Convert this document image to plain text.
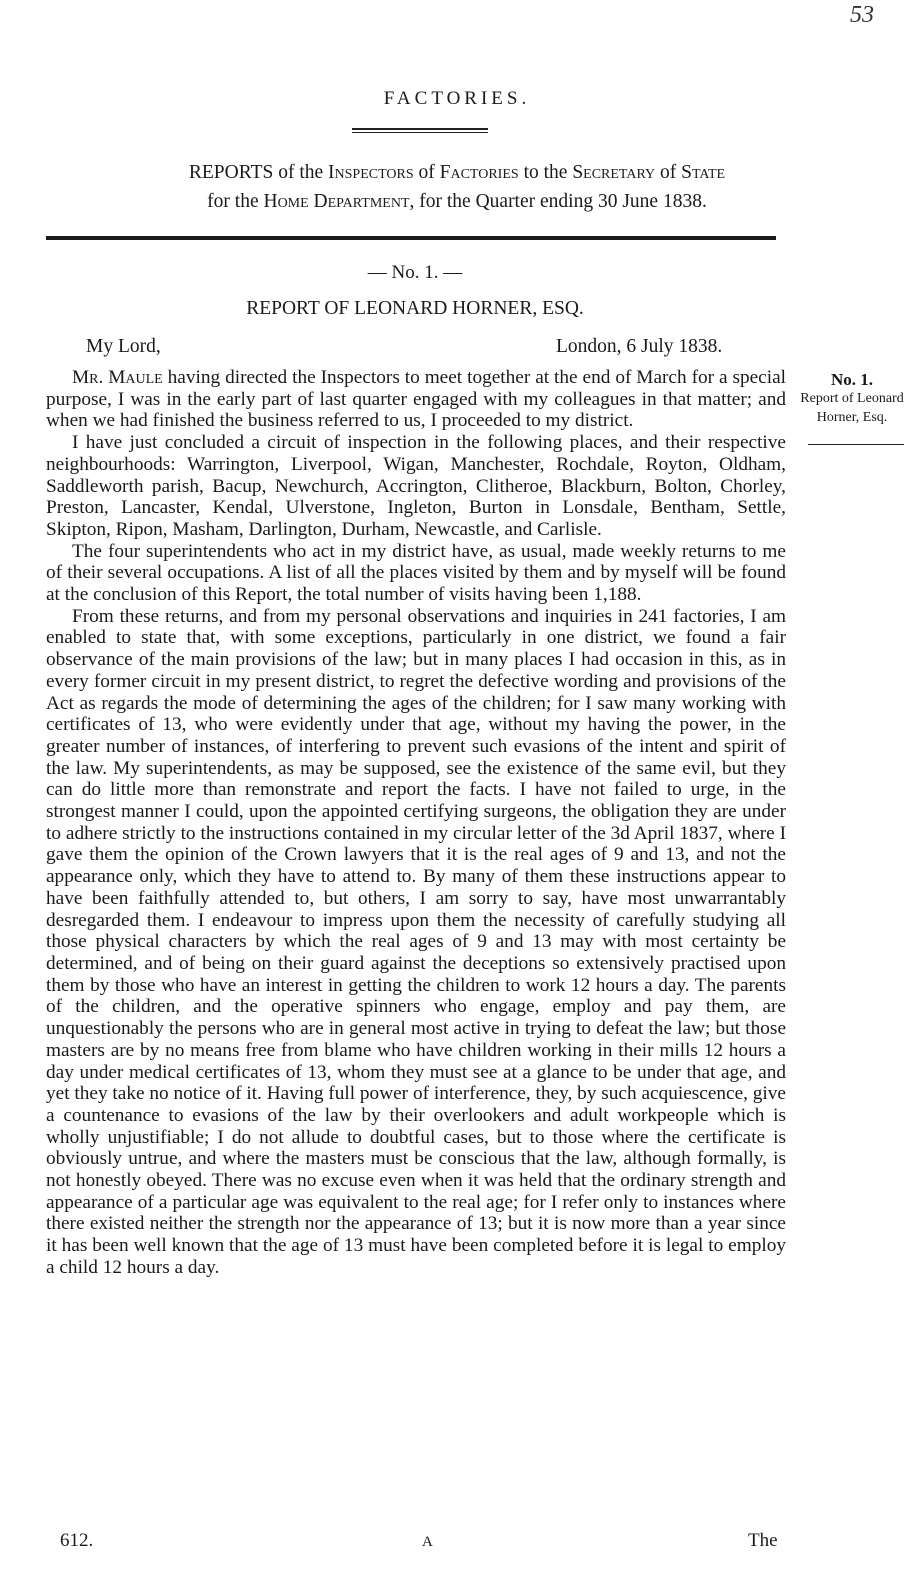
53
FACTORIES.
REPORTS of the Inspectors of Factories to the Secretary of State
for the Home Department, for the Quarter ending 30 June 1838.
— No. 1. —
REPORT OF LEONARD HORNER, ESQ.
My Lord,	London, 6 July 1838.
No. 1.
Report of Leonard
Horner, Esq.

Mr. Maule having directed the Inspectors to meet together at the end of March for a special purpose, I was in the early part of last quarter engaged with my colleagues in that matter; and when we had finished the business referred to us, I proceeded to my district.

I have just concluded a circuit of inspection in the following places, and their respective neighbourhoods: Warrington, Liverpool, Wigan, Manchester, Rochdale, Royton, Oldham, Saddleworth parish, Bacup, Newchurch, Accrington, Clitheroe, Blackburn, Bolton, Chorley, Preston, Lancaster, Kendal, Ulverstone, Ingleton, Burton in Lonsdale, Bentham, Settle, Skipton, Ripon, Masham, Darlington, Durham, Newcastle, and Carlisle.

The four superintendents who act in my district have, as usual, made weekly returns to me of their several occupations. A list of all the places visited by them and by myself will be found at the conclusion of this Report, the total number of visits having been 1,188.

From these returns, and from my personal observations and inquiries in 241 factories, I am enabled to state that, with some exceptions, particularly in one district, we found a fair observance of the main provisions of the law; but in many places I had occasion in this, as in every former circuit in my present district, to regret the defective wording and provisions of the Act as regards the mode of determining the ages of the children; for I saw many working with certificates of 13, who were evidently under that age, without my having the power, in the greater number of instances, of interfering to prevent such evasions of the intent and spirit of the law. My superintendents, as may be supposed, see the existence of the same evil, but they can do little more than remonstrate and report the facts. I have not failed to urge, in the strongest manner I could, upon the appointed certifying surgeons, the obligation they are under to adhere strictly to the instructions contained in my circular letter of the 3d April 1837, where I gave them the opinion of the Crown lawyers that it is the real ages of 9 and 13, and not the appearance only, which they have to attend to. By many of them these instructions appear to have been faithfully attended to, but others, I am sorry to say, have most unwarrantably desregarded them. I endeavour to impress upon them the necessity of carefully studying all those physical characters by which the real ages of 9 and 13 may with most certainty be determined, and of being on their guard against the deceptions so extensively practised upon them by those who have an interest in getting the children to work 12 hours a day. The parents of the children, and the operative spinners who engage, employ and pay them, are unquestionably the persons who are in general most active in trying to defeat the law; but those masters are by no means free from blame who have children working in their mills 12 hours a day under medical certificates of 13, whom they must see at a glance to be under that age, and yet they take no notice of it. Having full power of interference, they, by such acquiescence, give a countenance to evasions of the law by their overlookers and adult workpeople which is wholly unjustifiable; I do not allude to doubtful cases, but to those where the certificate is obviously untrue, and where the masters must be conscious that the law, although formally, is not honestly obeyed. There was no excuse even when it was held that the ordinary strength and appearance of a particular age was equivalent to the real age; for I refer only to instances where there existed neither the strength nor the appearance of 13; but it is now more than a year since it has been well known that the age of 13 must have been completed before it is legal to employ a child 12 hours a day.

612.	A	The
